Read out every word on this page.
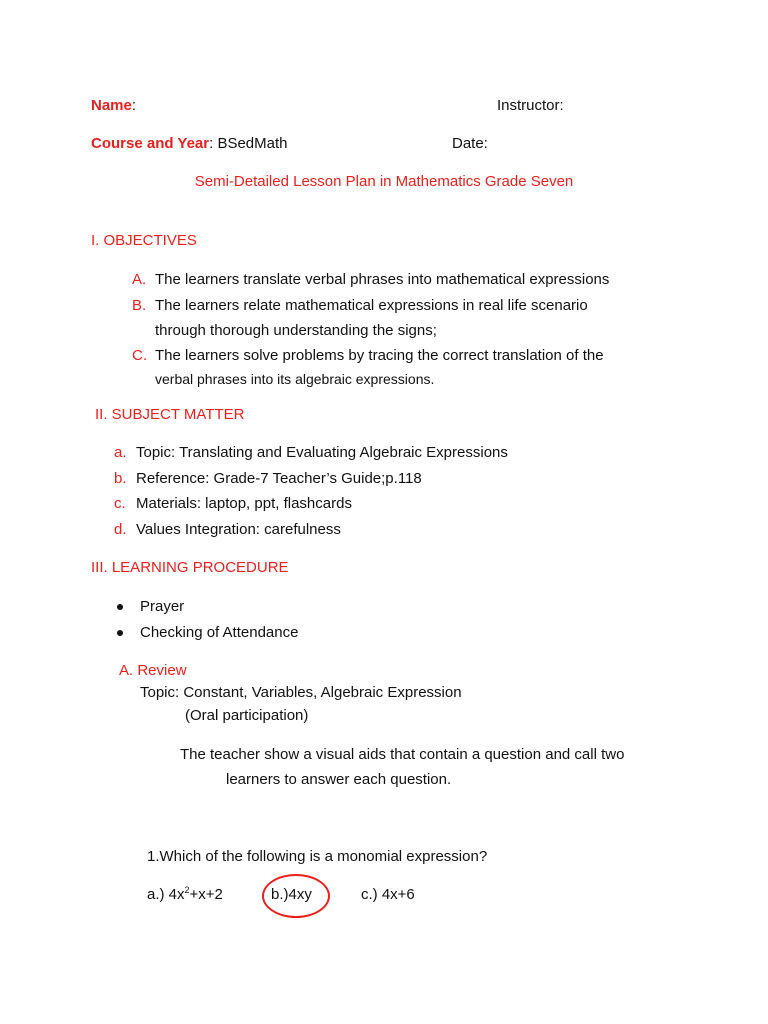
Name:	Instructor:
Course and Year: BSedMath	Date:
Semi-Detailed Lesson Plan in Mathematics Grade Seven
I. OBJECTIVES
A. The learners translate verbal phrases into mathematical expressions
B. The learners relate mathematical expressions in real life scenario
through thorough understanding the signs;
C. The learners solve problems by tracing the correct translation of the
verbal phrases into its algebraic expressions.
II. SUBJECT MATTER
a. Topic: Translating and Evaluating Algebraic Expressions
b. Reference: Grade-7 Teacher’s Guide;p.118
c. Materials: laptop, ppt, flashcards
d. Values Integration: carefulness
III. LEARNING PROCEDURE
Prayer
Checking of Attendance
A. Review
Topic: Constant, Variables, Algebraic Expression
(Oral participation)
The teacher show a visual aids that contain a question and call two
learners to answer each question.
1.Which of the following is a monomial expression?
a.) $4x^2+x+2$	b.)4xy	c.) 4x+6
